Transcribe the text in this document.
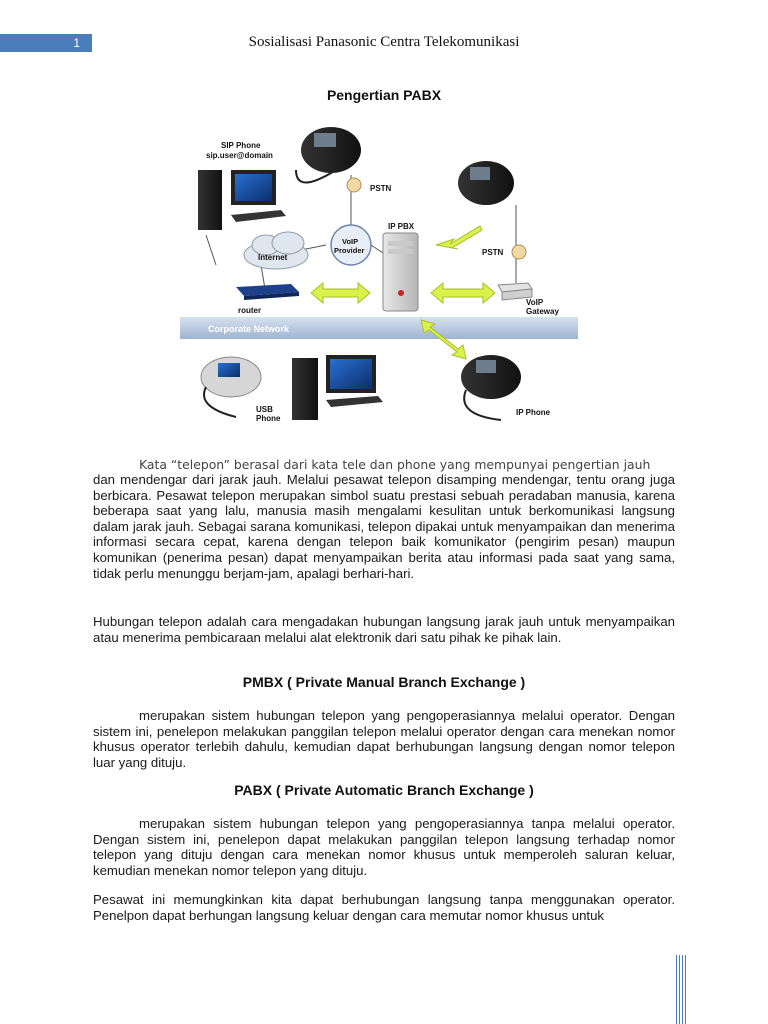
1	Sosialisasi Panasonic Centra Telekomunikasi
Pengertian PABX
Corporate Network
PSTN
SIP Phone
sip.user@domain
Internet
VoIP
Provider
router
IP PBX
PSTN
VoIP
Gateway
USB
Phone
IP Phone
Kata “telepon” berasal dari kata tele dan phone yang mempunyai pengertian jauh
dan mendengar dari jarak jauh. Melalui pesawat telepon disamping mendengar, tentu orang juga berbicara. Pesawat telepon merupakan simbol suatu prestasi sebuah peradaban manusia, karena beberapa saat yang lalu, manusia masih mengalami kesulitan untuk berkomunikasi langsung dalam jarak jauh. Sebagai sarana komunikasi, telepon dipakai untuk menyampaikan dan menerima informasi secara cepat, karena dengan telepon baik komunikator (pengirim pesan) maupun komunikan (penerima pesan) dapat menyampaikan berita atau informasi pada saat yang sama, tidak perlu menunggu berjam-jam, apalagi berhari-hari.
Hubungan telepon adalah cara mengadakan hubungan langsung jarak jauh untuk menyampaikan atau menerima pembicaraan melalui alat elektronik dari satu pihak ke pihak lain.
PMBX ( Private Manual Branch Exchange )
merupakan sistem hubungan telepon yang pengoperasiannya melalui operator. Dengan sistem ini, penelepon melakukan panggilan telepon melalui operator dengan cara menekan nomor khusus operator terlebih dahulu, kemudian dapat berhubungan langsung dengan nomor telepon luar yang dituju.
PABX ( Private Automatic Branch Exchange )
merupakan sistem hubungan telepon yang pengoperasiannya tanpa melalui operator. Dengan sistem ini, penelepon dapat melakukan panggilan telepon langsung terhadap nomor telepon yang dituju dengan cara menekan nomor khusus untuk memperoleh saluran keluar, kemudian menekan nomor telepon yang dituju.
Pesawat ini memungkinkan kita dapat berhubungan langsung tanpa menggunakan operator. Penelpon dapat berhungan langsung keluar dengan cara memutar nomor khusus untuk
